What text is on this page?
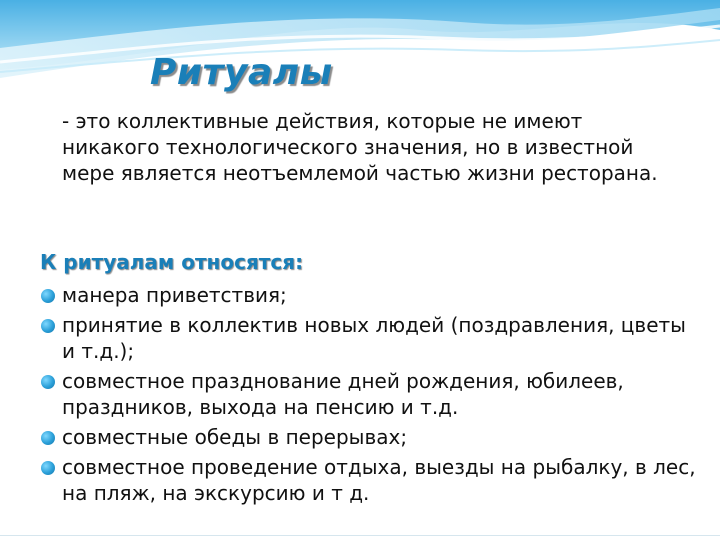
Ритуалы

- это коллективные действия, которые не имеют никакого технологического значения, но в известной мере является неотъемлемой частью жизни ресторана.

К ритуалам относятся:
манера приветствия;
принятие в коллектив новых людей (поздравления, цветы и т.д.);
совместное празднование дней рождения, юбилеев, праздников, выхода на пенсию и т.д.
совместные обеды в перерывах;
совместное проведение отдыха, выезды на рыбалку, в лес, на пляж, на экскурсию и т д.
